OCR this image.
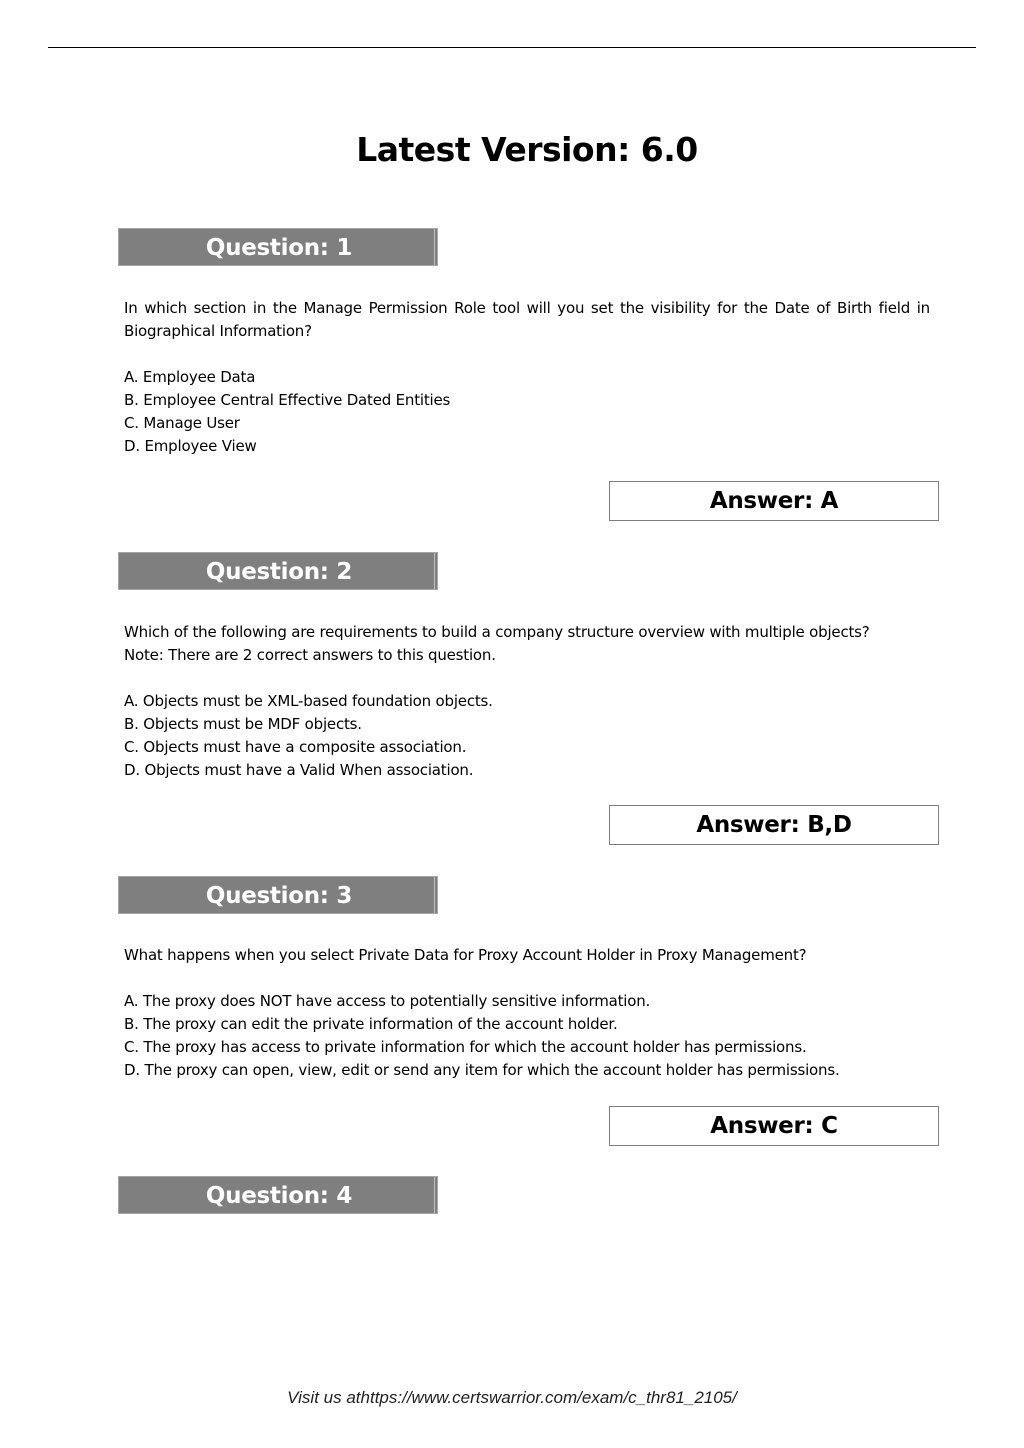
Latest Version: 6.0
Question: 1

In which section in the Manage Permission Role tool will you set the visibility for the Date of Birth field in Biographical Information?

A. Employee Data
B. Employee Central Effective Dated Entities
C. Manage User
D. Employee View
Answer: A
Question: 2

Which of the following are requirements to build a company structure overview with multiple objects?

Note: There are 2 correct answers to this question.

A. Objects must be XML-based foundation objects.
B. Objects must be MDF objects.
C. Objects must have a composite association.
D. Objects must have a Valid When association.
Answer: B,D
Question: 3

What happens when you select Private Data for Proxy Account Holder in Proxy Management?

A. The proxy does NOT have access to potentially sensitive information.
B. The proxy can edit the private information of the account holder.
C. The proxy has access to private information for which the account holder has permissions.
D. The proxy can open, view, edit or send any item for which the account holder has permissions.
Answer: C
Question: 4
Visit us athttps://www.certswarrior.com/exam/c_thr81_2105/
